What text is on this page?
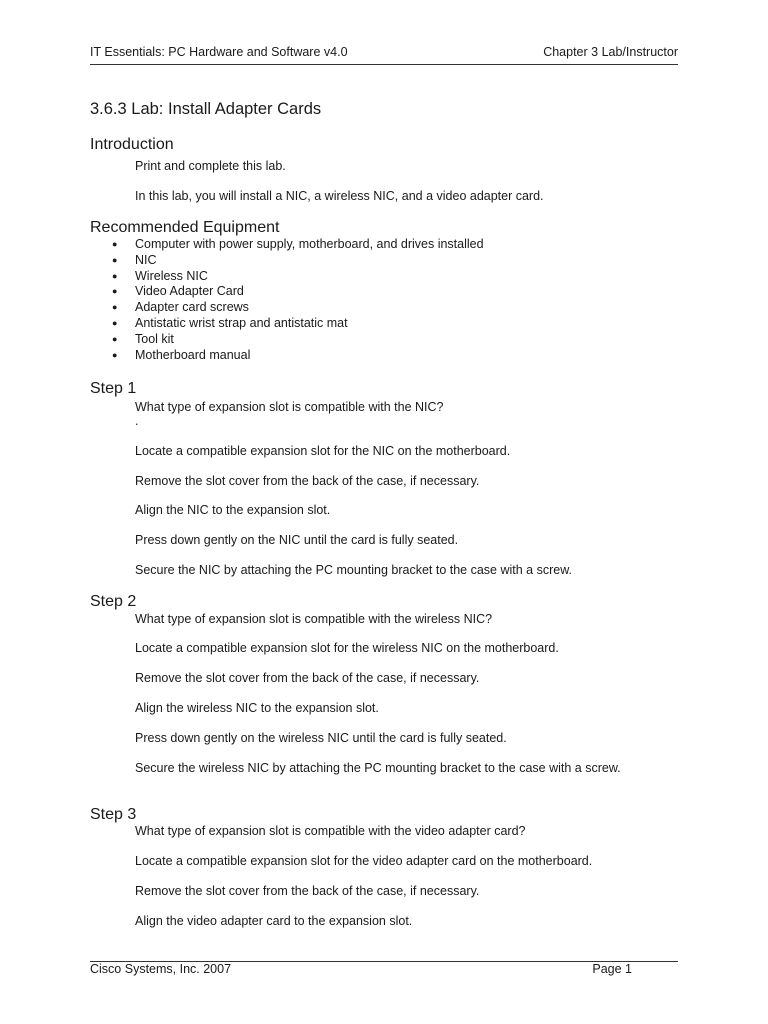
IT Essentials: PC Hardware and Software v4.0	Chapter 3 Lab/Instructor
3.6.3 Lab: Install Adapter Cards
Introduction
Print and complete this lab.
In this lab, you will install a NIC, a wireless NIC, and a video adapter card.
Recommended Equipment
● Computer with power supply, motherboard, and drives installed
● NIC
● Wireless NIC
● Video Adapter Card
● Adapter card screws
● Antistatic wrist strap and antistatic mat
● Tool kit
● Motherboard manual
Step 1
What type of expansion slot is compatible with the NIC?
.
Locate a compatible expansion slot for the NIC on the motherboard.
Remove the slot cover from the back of the case, if necessary.
Align the NIC to the expansion slot.
Press down gently on the NIC until the card is fully seated.
Secure the NIC by attaching the PC mounting bracket to the case with a screw.
Step 2
What type of expansion slot is compatible with the wireless NIC?
Locate a compatible expansion slot for the wireless NIC on the motherboard.
Remove the slot cover from the back of the case, if necessary.
Align the wireless NIC to the expansion slot.
Press down gently on the wireless NIC until the card is fully seated.
Secure the wireless NIC by attaching the PC mounting bracket to the case with a screw.
Step 3
What type of expansion slot is compatible with the video adapter card?
Locate a compatible expansion slot for the video adapter card on the motherboard.
Remove the slot cover from the back of the case, if necessary.
Align the video adapter card to the expansion slot.
Cisco Systems, Inc. 2007	Page 1
